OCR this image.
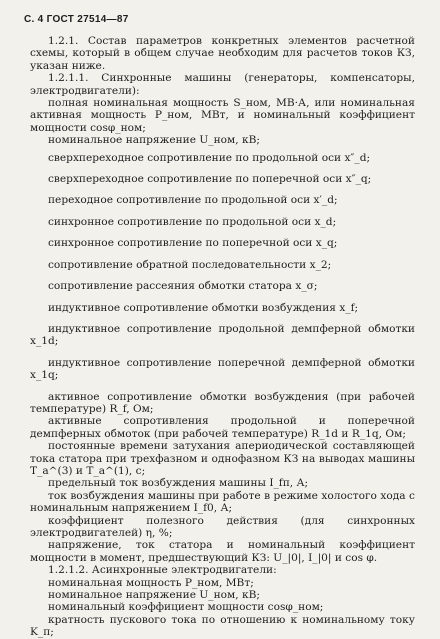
С. 4 ГОСТ 27514—87

1.2.1. Состав параметров конкретных элементов расчетной схемы, который в общем случае необходим для расчетов токов КЗ, указан ниже.

1.2.1.1. Синхронные машины (генераторы, компенсаторы, электродвигатели):

полная номинальная мощность S_ном, МВ·А, или номинальная активная мощность P_ном, МВт, и номинальный коэффициент мощности cosφ_ном;

номинальное напряжение U_ном, кВ;

сверхпереходное сопротивление по продольной оси x″_d;

сверхпереходное сопротивление по поперечной оси x″_q;

переходное сопротивление по продольной оси x′_d;

синхронное сопротивление по продольной оси x_d;

синхронное сопротивление по поперечной оси x_q;

сопротивление обратной последовательности x_2;

сопротивление рассеяния обмотки статора x_σ;

индуктивное сопротивление обмотки возбуждения x_f;

индуктивное сопротивление продольной демпферной обмотки x_1d;

индуктивное сопротивление поперечной демпферной обмотки x_1q;

активное сопротивление обмотки возбуждения (при рабочей температуре) R_f, Ом;

активные сопротивления продольной и поперечной демпферных обмоток (при рабочей температуре) R_1d и R_1q, Ом;

постоянные времени затухания апериодической составляющей тока статора при трехфазном и однофазном КЗ на выводах машины T_a^(3) и T_a^(1), с;

предельный ток возбуждения машины I_fп, А;

ток возбуждения машины при работе в режиме холостого хода с номинальным напряжением I_f0, А;

коэффициент полезного действия (для синхронных электродвигателей) η, %;

напряжение, ток статора и номинальный коэффициент мощности в момент, предшествующий КЗ: U_|0|, I_|0| и cos φ.

1.2.1.2. Асинхронные электродвигатели:

номинальная мощность P_ном, МВт;

номинальное напряжение U_ном, кВ;

номинальный коэффициент мощности cosφ_ном;

кратность пускового тока по отношению к номинальному току K_п;
